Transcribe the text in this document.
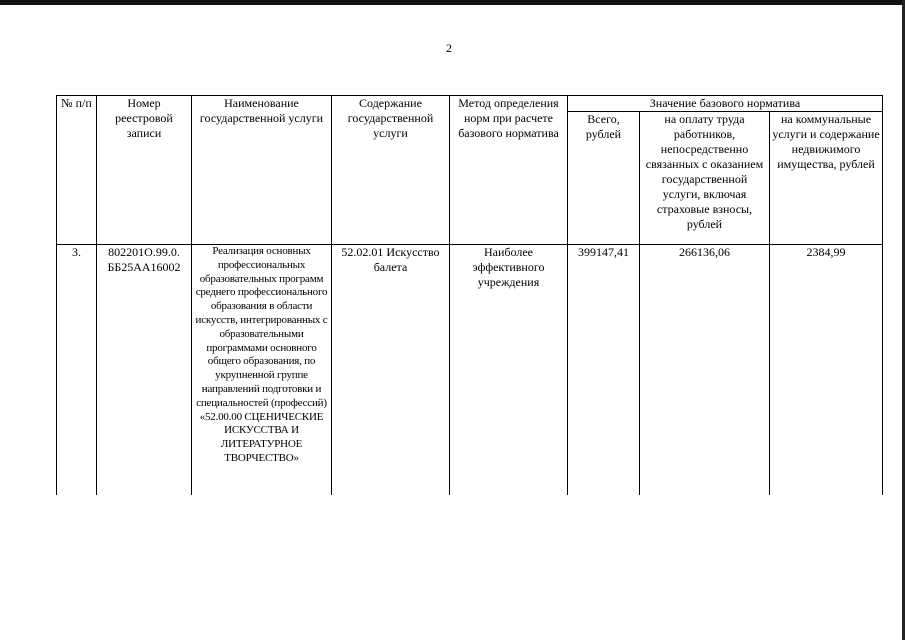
2
№ п/п	Номер реестровой записи	Наименование государственной услуги	Содержание государственной услуги	Метод определения норм при расчете базового норматива	Значение базового норматива		
					Всего, рублей	на оплату труда работников, непосредственно связанных с оказанием государственной услуги, включая страховые взносы, рублей	на коммунальные услуги и содержание недвижимого имущества, рублей
3.	802201О.99.0. ББ25АА16002	Реализация основных профессиональных образовательных программ среднего профессионального образования в области искусств, интегрированных с образовательными программами основного общего образования, по укрупненной группе направлений подготовки и специальностей (профессий) «52.00.00 СЦЕНИЧЕСКИЕ ИСКУССТВА И ЛИТЕРАТУРНОЕ ТВОРЧЕСТВО»	52.02.01 Искусство балета	Наиболее эффективного учреждения	399147,41	266136,06	2384,99
